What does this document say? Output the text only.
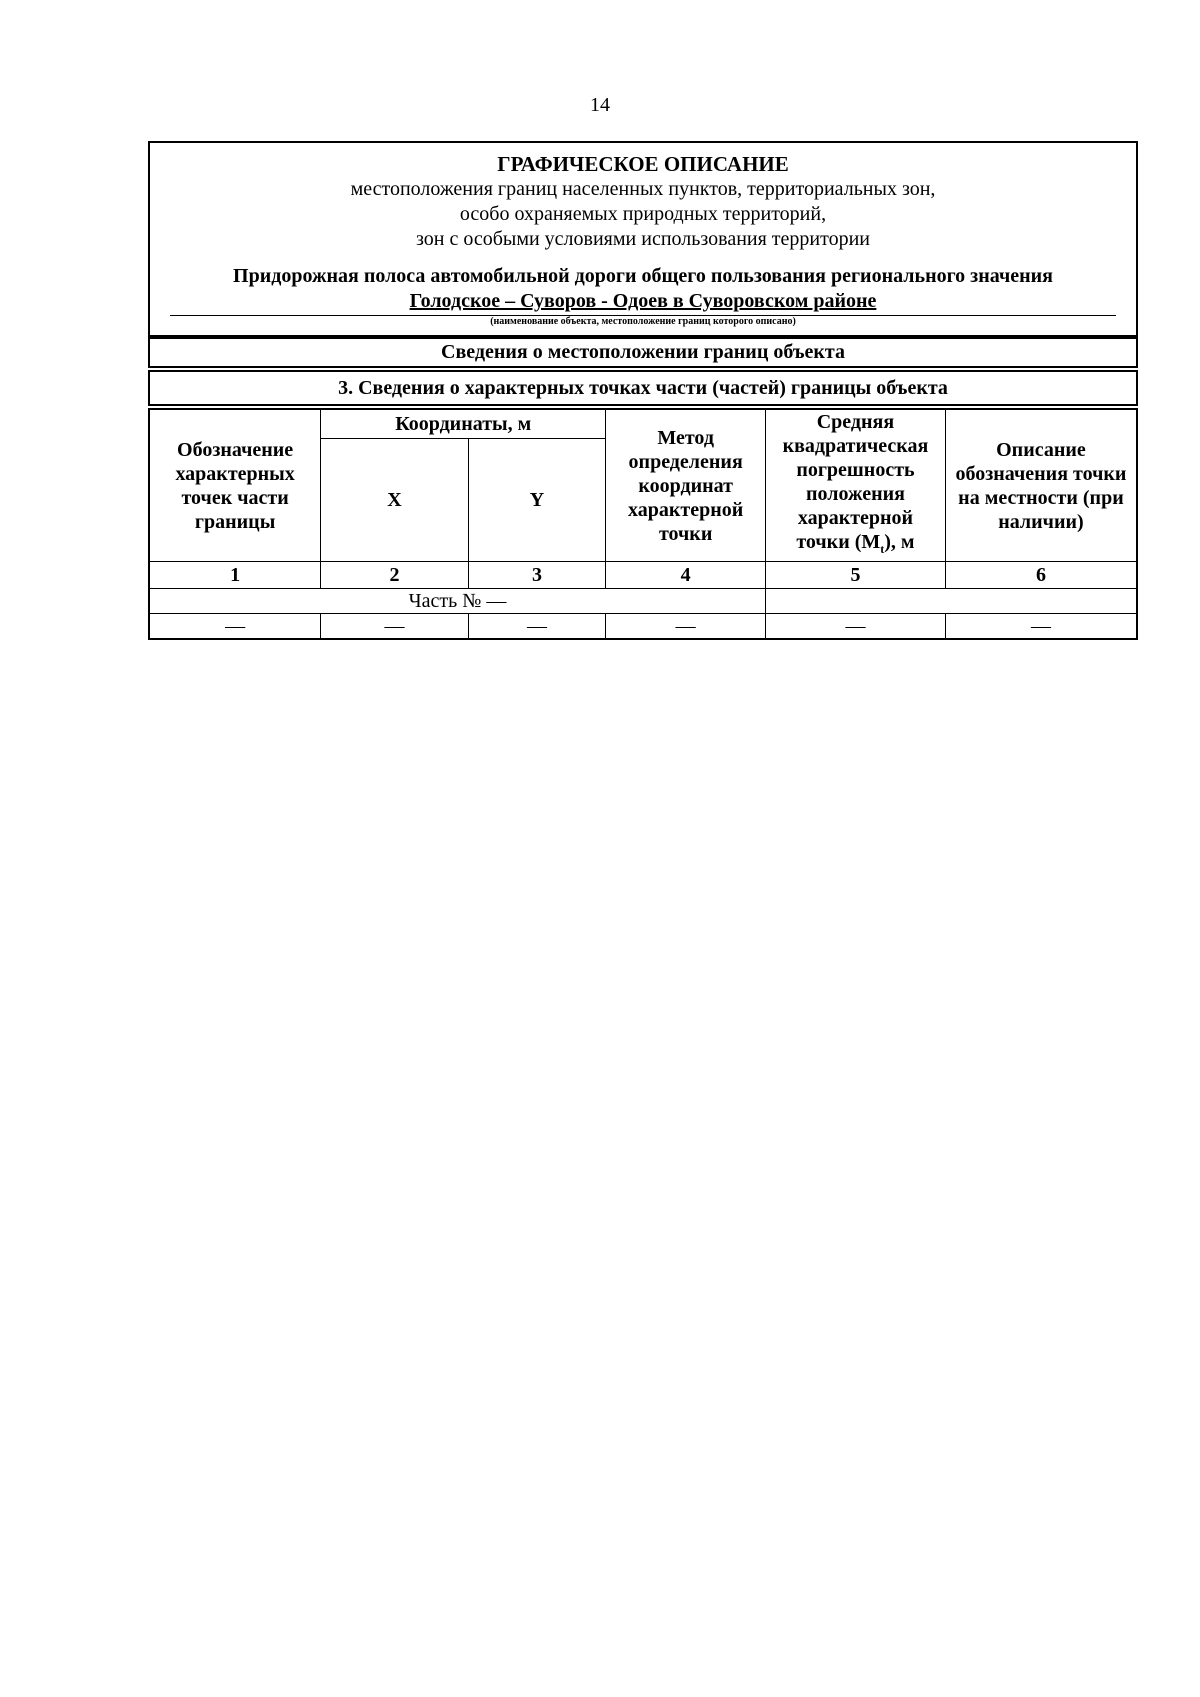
14
ГРАФИЧЕСКОЕ ОПИСАНИЕ
местоположения границ населенных пунктов, территориальных зон,
особо охраняемых природных территорий,
зон с особыми условиями использования территории
Придорожная полоса автомобильной дороги общего пользования регионального значения
Голодское – Суворов - Одоев в Суворовском районе
(наименование объекта, местоположение границ которого описано)
Сведения о местоположении границ объекта
3. Сведения о характерных точках части (частей) границы объекта
Обозначение характерных точек части границы	Координаты, м		Метод определения координат характерной точки	Средняя квадратическая погрешность положения характерной точки $(M_t)$, м	Описание обозначения точки на местности (при наличии)
	X	Y			
1	2	3	4	5	6
Часть № —					
—	—	—	—	—	—
